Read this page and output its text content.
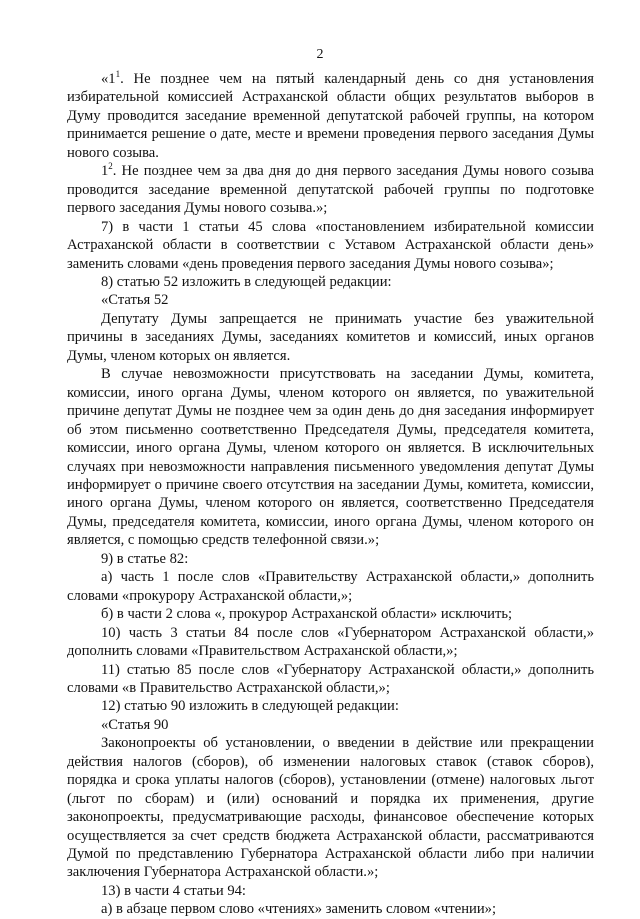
2

«$1^1$. Не позднее чем на пятый календарный день со дня установления избирательной комиссией Астраханской области общих результатов выборов в Думу проводится заседание временной депутатской рабочей группы, на котором принимается решение о дате, месте и времени проведения первого заседания Думы нового созыва.

$1^2$. Не позднее чем за два дня до дня первого заседания Думы нового созыва проводится заседание временной депутатской рабочей группы по подготовке первого заседания Думы нового созыва.»;

7) в части 1 статьи 45 слова «постановлением избирательной комиссии Астраханской области в соответствии с Уставом Астраханской области день» заменить словами «день проведения первого заседания Думы нового созыва»;

8) статью 52 изложить в следующей редакции:

«Статья 52

Депутату Думы запрещается не принимать участие без уважительной причины в заседаниях Думы, заседаниях комитетов и комиссий, иных органов Думы, членом которых он является.

В случае невозможности присутствовать на заседании Думы, комитета, комиссии, иного органа Думы, членом которого он является, по уважительной причине депутат Думы не позднее чем за один день до дня заседания информирует об этом письменно соответственно Председателя Думы, председателя комитета, комиссии, иного органа Думы, членом которого он является. В исключительных случаях при невозможности направления письменного уведомления депутат Думы информирует о причине своего отсутствия на заседании Думы, комитета, комиссии, иного органа Думы, членом которого он является, соответственно Председателя Думы, председателя комитета, комиссии, иного органа Думы, членом которого он является, с помощью средств телефонной связи.»;

9) в статье 82:

а) часть 1 после слов «Правительству Астраханской области,» дополнить словами «прокурору Астраханской области,»;

б) в части 2 слова «, прокурор Астраханской области» исключить;

10) часть 3 статьи 84 после слов «Губернатором Астраханской области,» дополнить словами «Правительством Астраханской области,»;

11) статью 85 после слов «Губернатору Астраханской области,» дополнить словами «в Правительство Астраханской области,»;

12) статью 90 изложить в следующей редакции:

«Статья 90

Законопроекты об установлении, о введении в действие или прекращении действия налогов (сборов), об изменении налоговых ставок (ставок сборов), порядка и срока уплаты налогов (сборов), установлении (отмене) налоговых льгот (льгот по сборам) и (или) оснований и порядка их применения, другие законопроекты, предусматривающие расходы, финансовое обеспечение которых осуществляется за счет средств бюджета Астраханской области, рассматриваются Думой по представлению Губернатора Астраханской области либо при наличии заключения Губернатора Астраханской области.»;

13) в части 4 статьи 94:

а) в абзаце первом слово «чтениях» заменить словом «чтении»;
